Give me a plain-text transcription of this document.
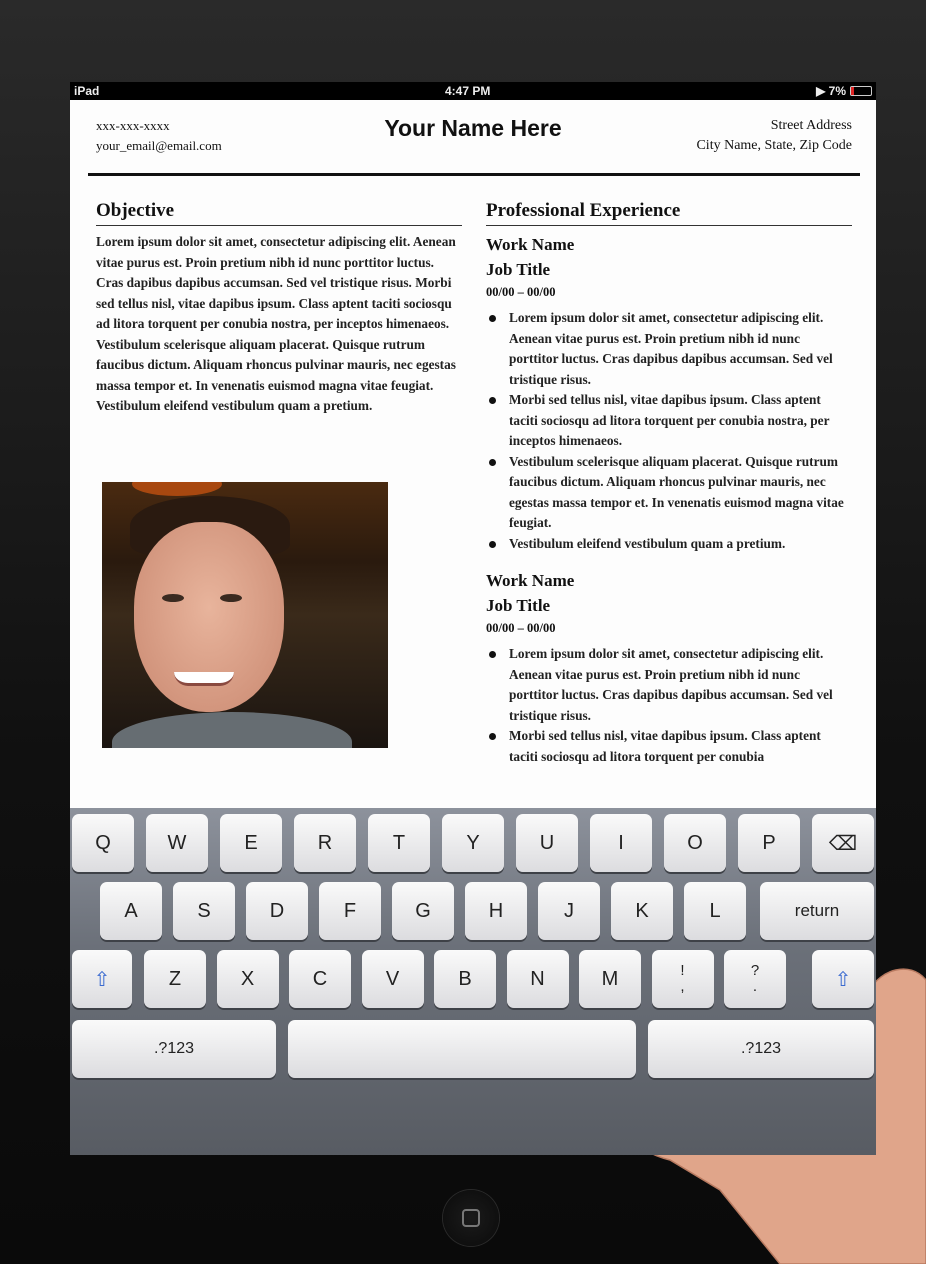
iPad	4:47 PM	▶ 7%
xxx-xxx-xxxx
your_email@email.com
Your Name Here	Street Address
City Name, State, Zip Code
Objective
Lorem ipsum dolor sit amet, consectetur adipiscing elit. Aenean vitae purus est. Proin pretium nibh id nunc porttitor luctus. Cras dapibus dapibus accumsan. Sed vel tristique risus. Morbi sed tellus nisl, vitae dapibus ipsum. Class aptent taciti sociosqu ad litora torquent per conubia nostra, per inceptos himenaeos.
Vestibulum scelerisque aliquam placerat. Quisque rutrum faucibus dictum. Aliquam rhoncus pulvinar mauris, nec egestas massa tempor et. In venenatis euismod magna vitae feugiat. Vestibulum eleifend vestibulum quam a pretium.
Professional Experience
Work Name
Job Title
00/00 – 00/00
Lorem ipsum dolor sit amet, consectetur adipiscing elit. Aenean vitae purus est. Proin pretium nibh id nunc porttitor luctus. Cras dapibus dapibus accumsan. Sed vel tristique risus.
Morbi sed tellus nisl, vitae dapibus ipsum. Class aptent taciti sociosqu ad litora torquent per conubia nostra, per inceptos himenaeos.
Vestibulum scelerisque aliquam placerat. Quisque rutrum faucibus dictum. Aliquam rhoncus pulvinar mauris, nec egestas massa tempor et. In venenatis euismod magna vitae feugiat.
Vestibulum eleifend vestibulum quam a pretium.
Work Name
Job Title
00/00 – 00/00
Lorem ipsum dolor sit amet, consectetur adipiscing elit. Aenean vitae purus est. Proin pretium nibh id nunc porttitor luctus. Cras dapibus dapibus accumsan. Sed vel tristique risus.
Morbi sed tellus nisl, vitae dapibus ipsum. Class aptent taciti sociosqu ad litora torquent per conubia
Q	W	E	R	T	Y	U	I	O	P	⌫
A	S	D	F	G	H	J	K	L	return
⇧	Z	X	C	V	B	N	M	!
,
?
.	⇧
.?123	.?123
